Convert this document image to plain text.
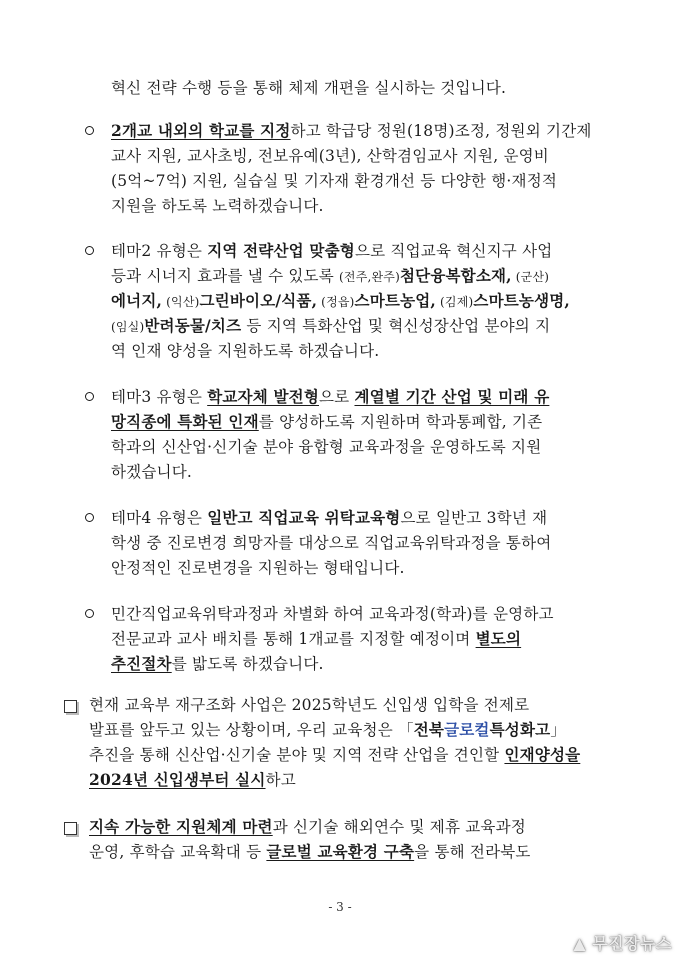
혁신 전략 수행 등을 통해 체제 개편을 실시하는 것입니다.
2개교 내외의 학교를 지정하고 학급당 정원(18명)조정, 정원외 기간제
교사 지원, 교사초빙, 전보유예(3년), 산학겸임교사 지원, 운영비
(5억~7억) 지원, 실습실 및 기자재 환경개선 등 다양한 행·재정적
지원을 하도록 노력하겠습니다.
테마2 유형은 지역 전략산업 맞춤형으로 직업교육 혁신지구 사업
등과 시너지 효과를 낼 수 있도록 (전주,완주)첨단융복합소재, (군산)
에너지, (익산)그린바이오/식품, (정읍)스마트농업, (김제)스마트농생명,
(임실)반려동물/치즈 등 지역 특화산업 및 혁신성장산업 분야의 지
역 인재 양성을 지원하도록 하겠습니다.
테마3 유형은 학교자체 발전형으로 계열별 기간 산업 및 미래 유
망직종에 특화된 인재를 양성하도록 지원하며 학과통폐합, 기존
학과의 신산업·신기술 분야 융합형 교육과정을 운영하도록 지원
하겠습니다.
테마4 유형은 일반고 직업교육 위탁교육형으로 일반고 3학년 재
학생 중 진로변경 희망자를 대상으로 직업교육위탁과정을 통하여
안정적인 진로변경을 지원하는 형태입니다.
민간직업교육위탁과정과 차별화 하여 교육과정(학과)를 운영하고
전문교과 교사 배치를 통해 1개교를 지정할 예정이며 별도의
추진절차를 밟도록 하겠습니다.
현재 교육부 재구조화 사업은 2025학년도 신입생 입학을 전제로
발표를 앞두고 있는 상황이며, 우리 교육청은 「전북글로컬특성화고」
추진을 통해 신산업·신기술 분야 및 지역 전략 산업을 견인할 인재양성을
2024년 신입생부터 실시하고
지속 가능한 지원체계 마련과 신기술 해외연수 및 제휴 교육과정
운영, 후학습 교육확대 등 글로벌 교육환경 구축을 통해 전라북도
- 3 -
▲ 무진장뉴스
